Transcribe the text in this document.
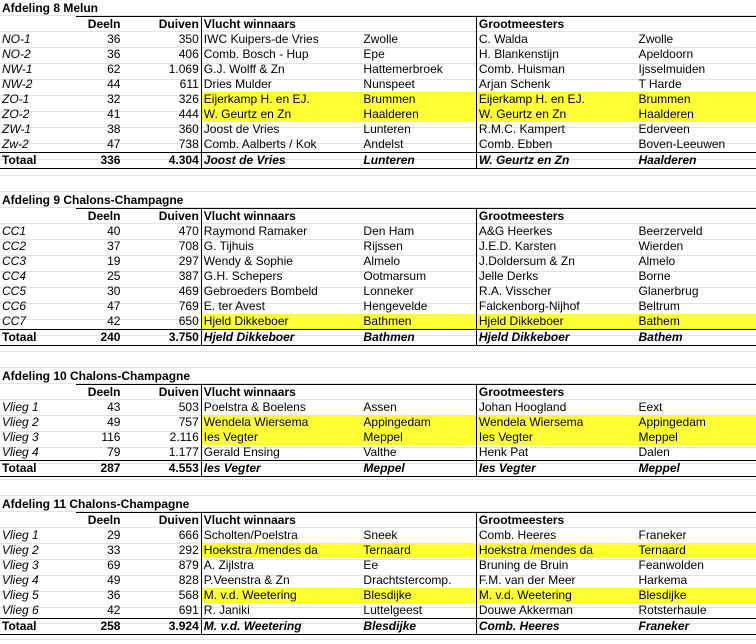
Afdeling 8 Melun
	Deeln	Duiven	Vlucht winnaars		Grootmeesters	
NO-1	36	350	IWC Kuipers-de Vries	Zwolle	C. Walda	Zwolle
NO-2	36	406	Comb. Bosch - Hup	Epe	H. Blankenstijn	Apeldoorn
NW-1	62	1.069	G.J. Wolff & Zn	Hattemerbroek	Comb. Huisman	Ijsselmuiden
NW-2	44	611	Dries Mulder	Nunspeet	Arjan Schenk	T Harde
ZO-1	32	326	Eijerkamp H. en EJ.	Brummen	Eijerkamp H. en EJ.	Brummen
ZO-2	41	444	W. Geurtz en Zn	Haalderen	W. Geurtz en Zn	Haalderen
ZW-1	38	360	Joost de Vries	Lunteren	R.M.C. Kampert	Ederveen
Zw-2	47	738	Comb. Aalberts / Kok	Andelst	Comb. Ebben	Boven-Leeuwen
Totaal	336	4.304	Joost de Vries	Lunteren	W. Geurtz en Zn	Haalderen
Afdeling 9 Chalons-Champagne
	Deeln	Duiven	Vlucht winnaars		Grootmeesters	
CC1	40	470	Raymond Ramaker	Den Ham	A&G Heerkes	Beerzerveld
CC2	37	708	G. Tijhuis	Rijssen	J.E.D. Karsten	Wierden
CC3	19	297	Wendy & Sophie	Almelo	J.Doldersum & Zn	Almelo
CC4	25	387	G.H. Schepers	Ootmarsum	Jelle Derks	Borne
CC5	30	469	Gebroeders Bombeld	Lonneker	R.A. Visscher	Glanerbrug
CC6	47	769	E. ter Avest	Hengevelde	Falckenborg-Nijhof	Beltrum
CC7	42	650	Hjeld Dikkeboer	Bathmen	Hjeld Dikkeboer	Bathem
Totaal	240	3.750	Hjeld Dikkeboer	Bathmen	Hjeld Dikkeboer	Bathem
Afdeling 10 Chalons-Champagne
	Deeln	Duiven	Vlucht winnaars		Grootmeesters	
Vlieg 1	43	503	Poelstra & Boelens	Assen	Johan Hoogland	Eext
Vlieg 2	49	757	Wendela Wiersema	Appingedam	Wendela Wiersema	Appingedam
Vlieg 3	116	2.116	Ies Vegter	Meppel	Ies Vegter	Meppel
Vlieg 4	79	1.177	Gerald Ensing	Valthe	Henk Pat	Dalen
Totaal	287	4.553	Ies Vegter	Meppel	Ies Vegter	Meppel
Afdeling 11 Chalons-Champagne
	Deeln	Duiven	Vlucht winnaars		Grootmeesters	
Vlieg 1	29	666	Scholten/Poelstra	Sneek	Comb. Heeres	Franeker
Vlieg 2	33	292	Hoekstra /mendes da	Ternaard	Hoekstra /mendes da	Ternaard
Vlieg 3	69	879	A. Zijlstra	Ee	Bruning de Bruin	Feanwolden
Vlieg 4	49	828	P.Veenstra & Zn	Drachtstercomp.	F.M. van der Meer	Harkema
Vlieg 5	36	568	M. v.d. Weetering	Blesdijke	M. v.d. Weetering	Blesdijke
Vlieg 6	42	691	R. Janiki	Luttelgeest	Douwe Akkerman	Rotsterhaule
Totaal	258	3.924	M. v.d. Weetering	Blesdijke	Comb. Heeres	Franeker
